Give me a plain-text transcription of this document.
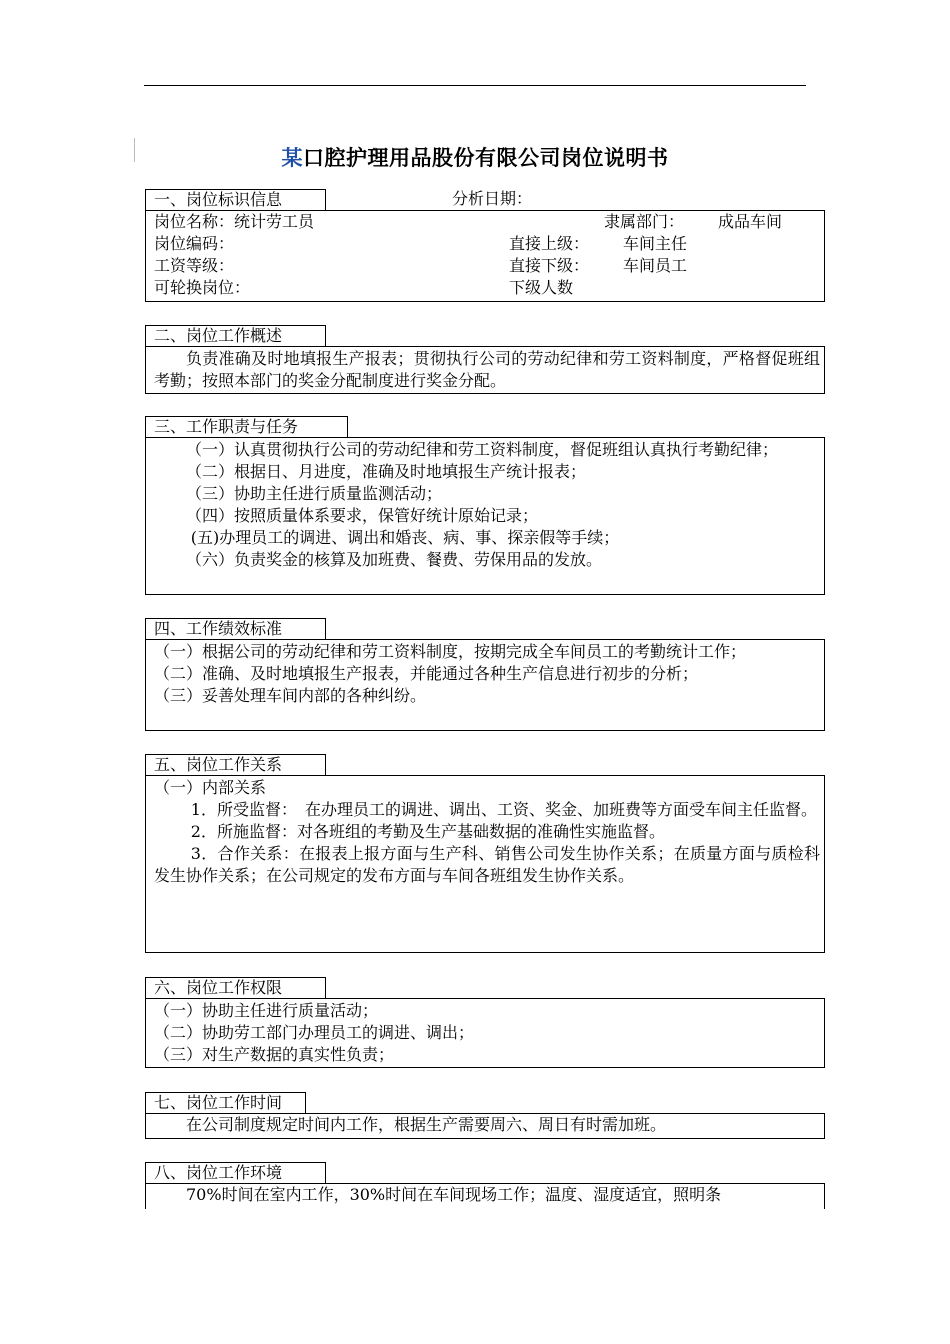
某口腔护理用品股份有限公司岗位说明书
一、岗位标识信息
岗位名称：统计劳工员	隶属部门：	成品车间
岗位编码：	直接上级：	车间主任
工资等级：	直接下级：	车间员工
可轮换岗位：	下级人数
分析日期：
二、岗位工作概述
负责准确及时地填报生产报表；贯彻执行公司的劳动纪律和劳工资料制度，严格督促班组考勤；按照本部门的奖金分配制度进行奖金分配。
三、工作职责与任务
（一）认真贯彻执行公司的劳动纪律和劳工资料制度，督促班组认真执行考勤纪律；
（二）根据日、月进度，准确及时地填报生产统计报表；
（三）协助主任进行质量监测活动；
（四）按照质量体系要求，保管好统计原始记录；
(五)办理员工的调进、调出和婚丧、病、事、探亲假等手续；
（六）负责奖金的核算及加班费、餐费、劳保用品的发放。
四、工作绩效标准
（一）根据公司的劳动纪律和劳工资料制度，按期完成全车间员工的考勤统计工作；
（二）准确、及时地填报生产报表，并能通过各种生产信息进行初步的分析；
（三）妥善处理车间内部的各种纠纷。
五、岗位工作关系
（一）内部关系
1．所受监督：　在办理员工的调进、调出、工资、奖金、加班费等方面受车间主任监督。
2．所施监督：对各班组的考勤及生产基础数据的准确性实施监督。
3．合作关系：在报表上报方面与生产科、销售公司发生协作关系；在质量方面与质检科发生协作关系；在公司规定的发布方面与车间各班组发生协作关系。
六、岗位工作权限
（一）协助主任进行质量活动；
（二）协助劳工部门办理员工的调进、调出；
（三）对生产数据的真实性负责；
七、岗位工作时间
在公司制度规定时间内工作，根据生产需要周六、周日有时需加班。
八、岗位工作环境
70%时间在室内工作，30%时间在车间现场工作；温度、湿度适宜，照明条
